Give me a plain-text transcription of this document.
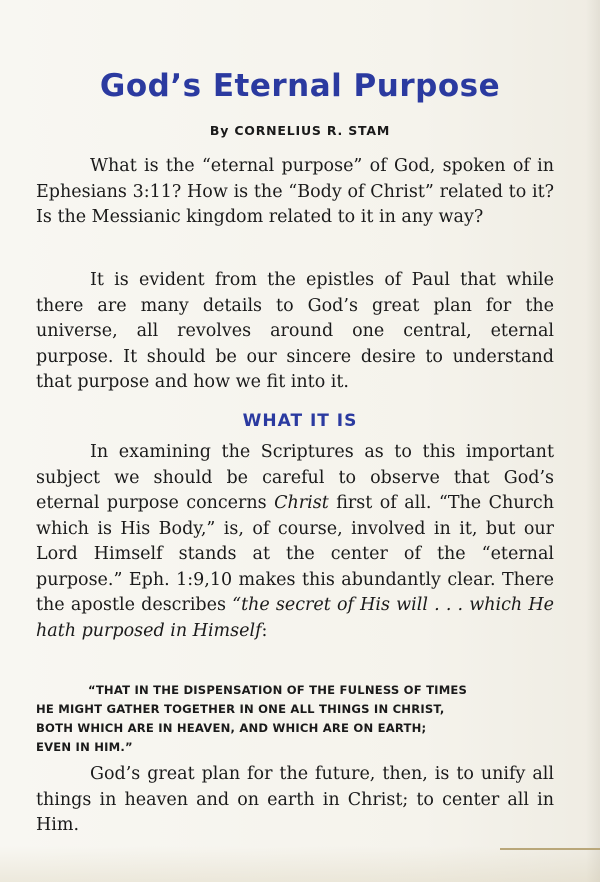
God’s Eternal Purpose
By CORNELIUS R. STAM
What is the “eternal purpose” of God, spoken of in Ephesians 3:11? How is the “Body of Christ” related to it? Is the Messianic kingdom related to it in any way?
It is evident from the epistles of Paul that while there are many details to God’s great plan for the universe, all revolves around one central, eternal purpose. It should be our sincere desire to understand that purpose and how we fit into it.
WHAT IT IS
In examining the Scriptures as to this important subject we should be careful to observe that God’s eternal purpose concerns Christ first of all. “The Church which is His Body,” is, of course, involved in it, but our Lord Himself stands at the center of the “eternal purpose.” Eph. 1:9,10 makes this abundantly clear. There the apostle describes “the secret of His will . . . which He hath purposed in Himself:
“THAT IN THE DISPENSATION OF THE FULNESS OF TIMES
HE MIGHT GATHER TOGETHER IN ONE ALL THINGS IN CHRIST,
BOTH WHICH ARE IN HEAVEN, AND WHICH ARE ON EARTH;
EVEN IN HIM.”
God’s great plan for the future, then, is to unify all things in heaven and on earth in Christ; to center all in Him.
